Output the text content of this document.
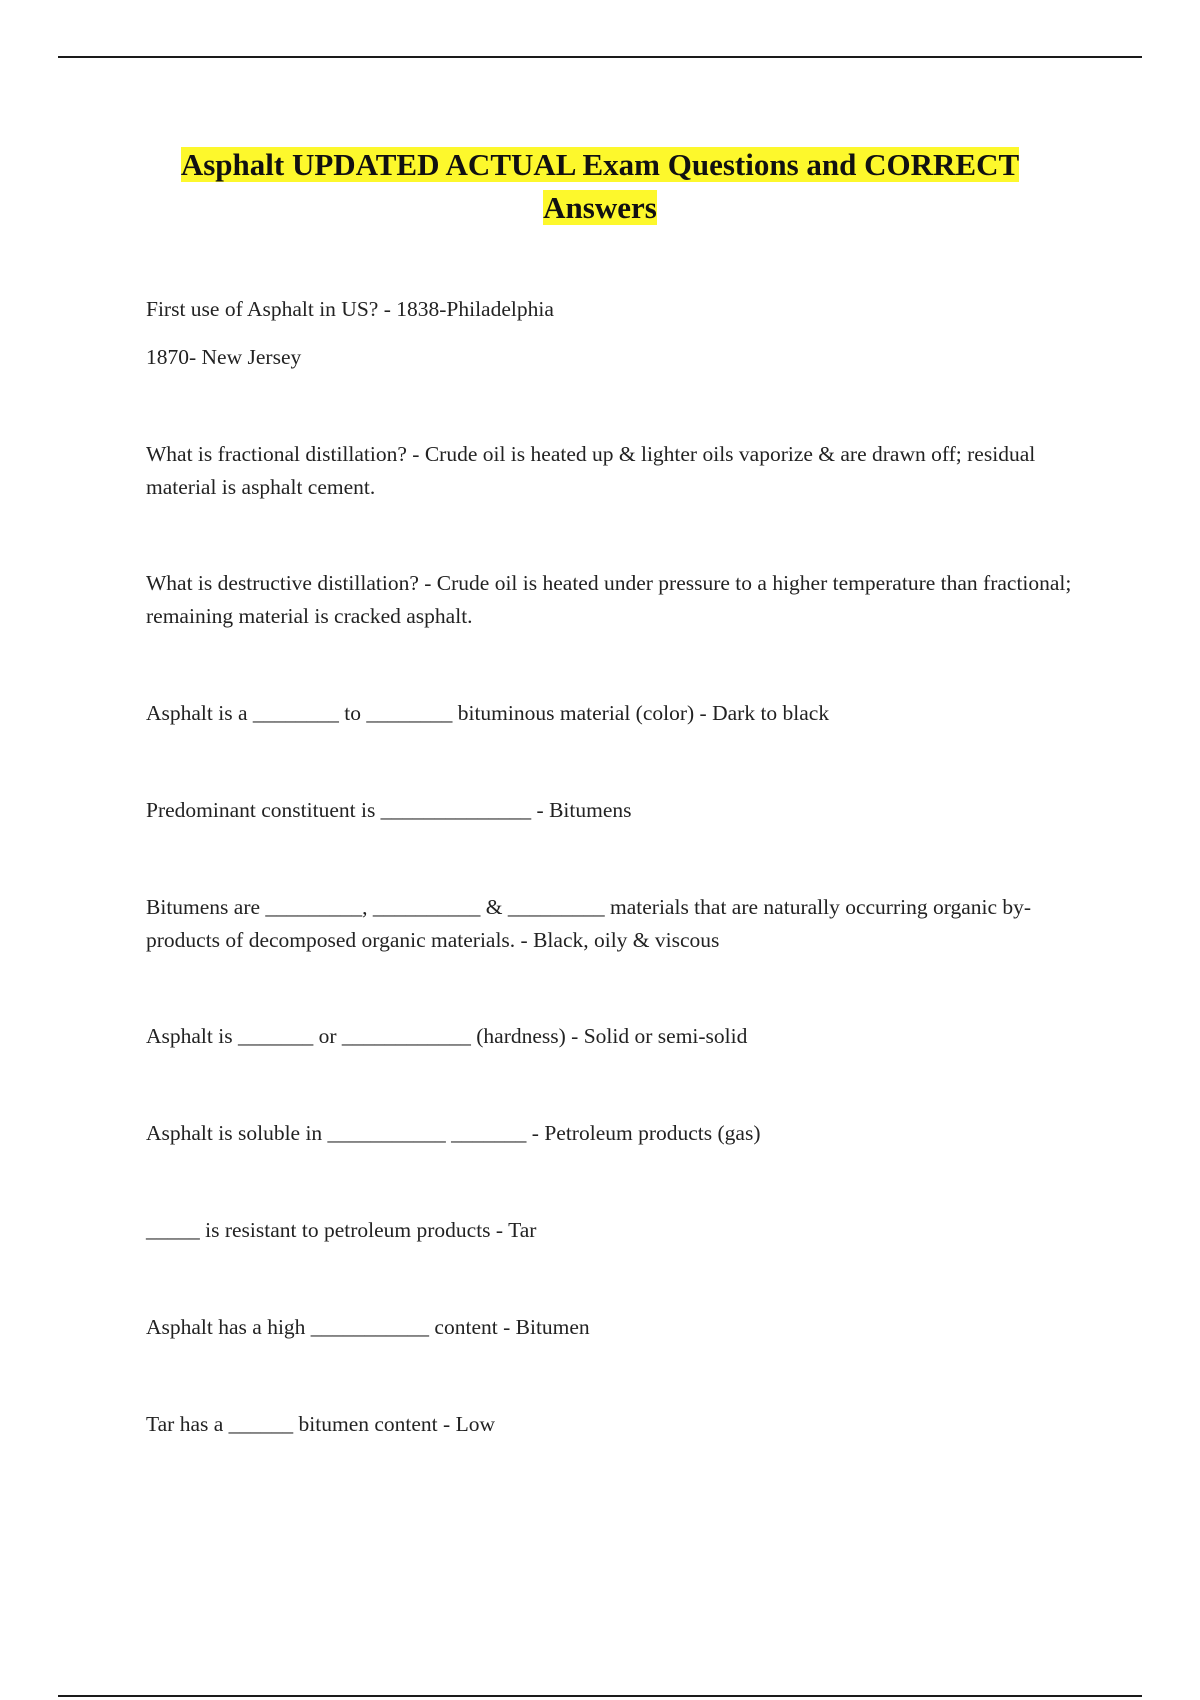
Asphalt UPDATED ACTUAL Exam Questions and CORRECT
Answers

First use of Asphalt in US? - 1838-Philadelphia

1870- New Jersey

What is fractional distillation? - Crude oil is heated up & lighter oils vaporize & are drawn off; residual material is asphalt cement.

What is destructive distillation? - Crude oil is heated under pressure to a higher temperature than fractional; remaining material is cracked asphalt.

Asphalt is a ________ to ________ bituminous material (color) - Dark to black

Predominant constituent is ______________ - Bitumens

Bitumens are _________, __________ & _________ materials that are naturally occurring organic by-products of decomposed organic materials. - Black, oily & viscous

Asphalt is _______ or ____________ (hardness) - Solid or semi-solid

Asphalt is soluble in ___________ _______ - Petroleum products (gas)

_____ is resistant to petroleum products - Tar

Asphalt has a high ___________ content - Bitumen

Tar has a ______ bitumen content - Low
